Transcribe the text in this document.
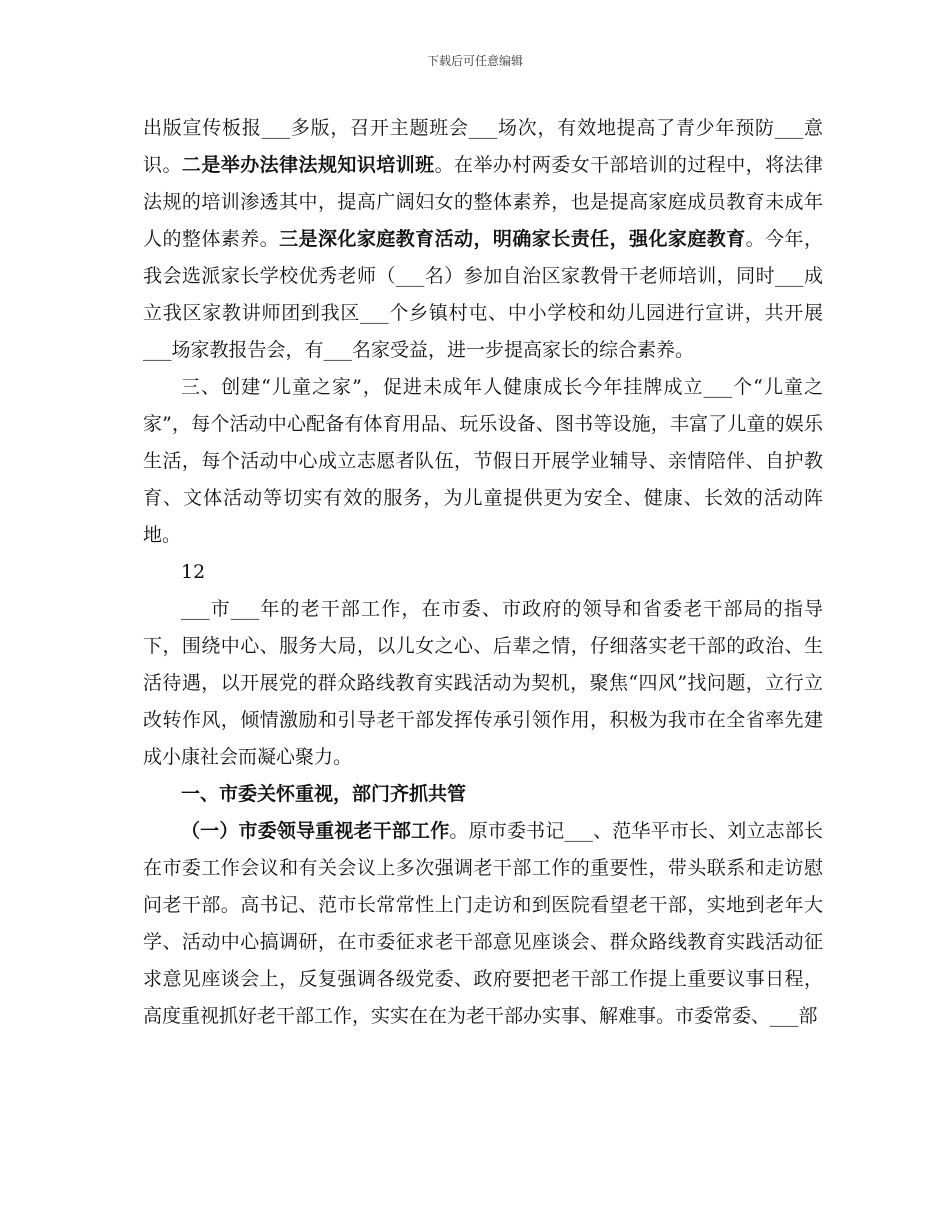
下载后可任意编辑

出版宣传板报___多版，召开主题班会___场次，有效地提高了青少年预防___意识。二是举办法律法规知识培训班。在举办村两委女干部培训的过程中，将法律法规的培训渗透其中，提高广阔妇女的整体素养，也是提高家庭成员教育未成年人的整体素养。三是深化家庭教育活动，明确家长责任，强化家庭教育。今年，我会选派家长学校优秀老师（___名）参加自治区家教骨干老师培训，同时___成立我区家教讲师团到我区___个乡镇村屯、中小学校和幼儿园进行宣讲，共开展___场家教报告会，有___名家受益，进一步提高家长的综合素养。

三、创建“儿童之家”，促进未成年人健康成长今年挂牌成立___个“儿童之家”，每个活动中心配备有体育用品、玩乐设备、图书等设施，丰富了儿童的娱乐生活，每个活动中心成立志愿者队伍，节假日开展学业辅导、亲情陪伴、自护教育、文体活动等切实有效的服务，为儿童提供更为安全、健康、长效的活动阵地。

12

___市___年的老干部工作，在市委、市政府的领导和省委老干部局的指导下，围绕中心、服务大局，以儿女之心、后辈之情，仔细落实老干部的政治、生活待遇，以开展党的群众路线教育实践活动为契机，聚焦“四风”找问题，立行立改转作风，倾情激励和引导老干部发挥传承引领作用，积极为我市在全省率先建成小康社会而凝心聚力。

一、市委关怀重视，部门齐抓共管

（一）市委领导重视老干部工作。原市委书记___、范华平市长、刘立志部长在市委工作会议和有关会议上多次强调老干部工作的重要性，带头联系和走访慰问老干部。高书记、范市长常常性上门走访和到医院看望老干部，实地到老年大学、活动中心搞调研，在市委征求老干部意见座谈会、群众路线教育实践活动征求意见座谈会上，反复强调各级党委、政府要把老干部工作提上重要议事日程，高度重视抓好老干部工作，实实在在为老干部办实事、解难事。市委常委、___部
